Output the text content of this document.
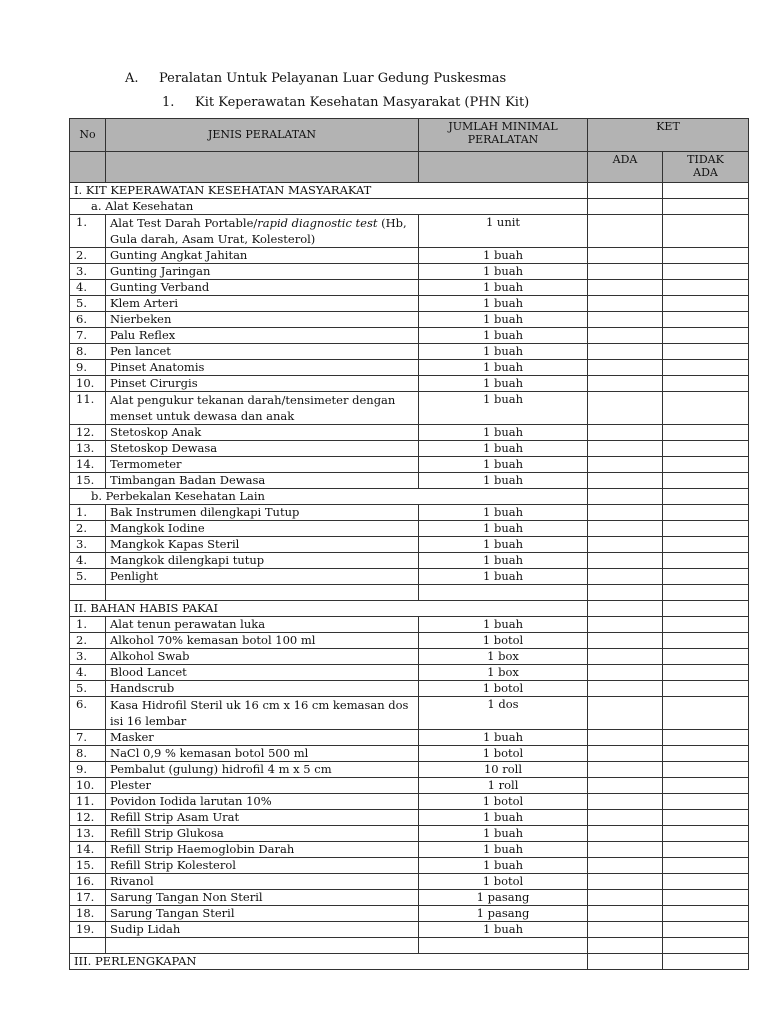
A. Peralatan Untuk Pelayanan Luar Gedung Puskesmas
1. Kit Keperawatan Kesehatan Masyarakat (PHN Kit)
No	JENIS PERALATAN	JUMLAH MINIMAL PERALATAN	KET	
			ADA	TIDAK ADA
I. KIT KEPERAWATAN KESEHATAN MASYARAKAT				
a. Alat Kesehatan				
1.	Alat Test Darah Portable/rapid diagnostic test (Hb, Gula darah, Asam Urat, Kolesterol)	1 unit		
2.	Gunting Angkat Jahitan	1 buah		
3.	Gunting Jaringan	1 buah		
4.	Gunting Verband	1 buah		
5.	Klem Arteri	1 buah		
6.	Nierbeken	1 buah		
7.	Palu Reflex	1 buah		
8.	Pen lancet	1 buah		
9.	Pinset Anatomis	1 buah		
10.	Pinset Cirurgis	1 buah		
11.	Alat pengukur tekanan darah/tensimeter dengan menset untuk dewasa dan anak	1 buah		
12.	Stetoskop Anak	1 buah		
13.	Stetoskop Dewasa	1 buah		
14.	Termometer	1 buah		
15.	Timbangan Badan Dewasa	1 buah		
b. Perbekalan Kesehatan Lain				
1.	Bak Instrumen dilengkapi Tutup	1 buah		
2.	Mangkok Iodine	1 buah		
3.	Mangkok Kapas Steril	1 buah		
4.	Mangkok dilengkapi tutup	1 buah		
5.	Penlight	1 buah		

II. BAHAN HABIS PAKAI				
1.	Alat tenun perawatan luka	1 buah		
2.	Alkohol 70% kemasan botol 100 ml	1 botol		
3.	Alkohol Swab	1 box		
4.	Blood Lancet	1 box		
5.	Handscrub	1 botol		
6.	Kasa Hidrofil Steril uk 16 cm x 16 cm kemasan dos isi 16 lembar	1 dos		
7.	Masker	1 buah		
8.	NaCl 0,9 % kemasan botol 500 ml	1 botol		
9.	Pembalut (gulung) hidrofil 4 m x 5 cm	10 roll		
10.	Plester	1 roll		
11.	Povidon Iodida larutan 10%	1 botol		
12.	Refill Strip Asam Urat	1 buah		
13.	Refill Strip Glukosa	1 buah		
14.	Refill Strip Haemoglobin Darah	1 buah		
15.	Refill Strip Kolesterol	1 buah		
16.	Rivanol	1 botol		
17.	Sarung Tangan Non Steril	1 pasang		
18.	Sarung Tangan Steril	1 pasang		
19.	Sudip Lidah	1 buah		

III. PERLENGKAPAN				
